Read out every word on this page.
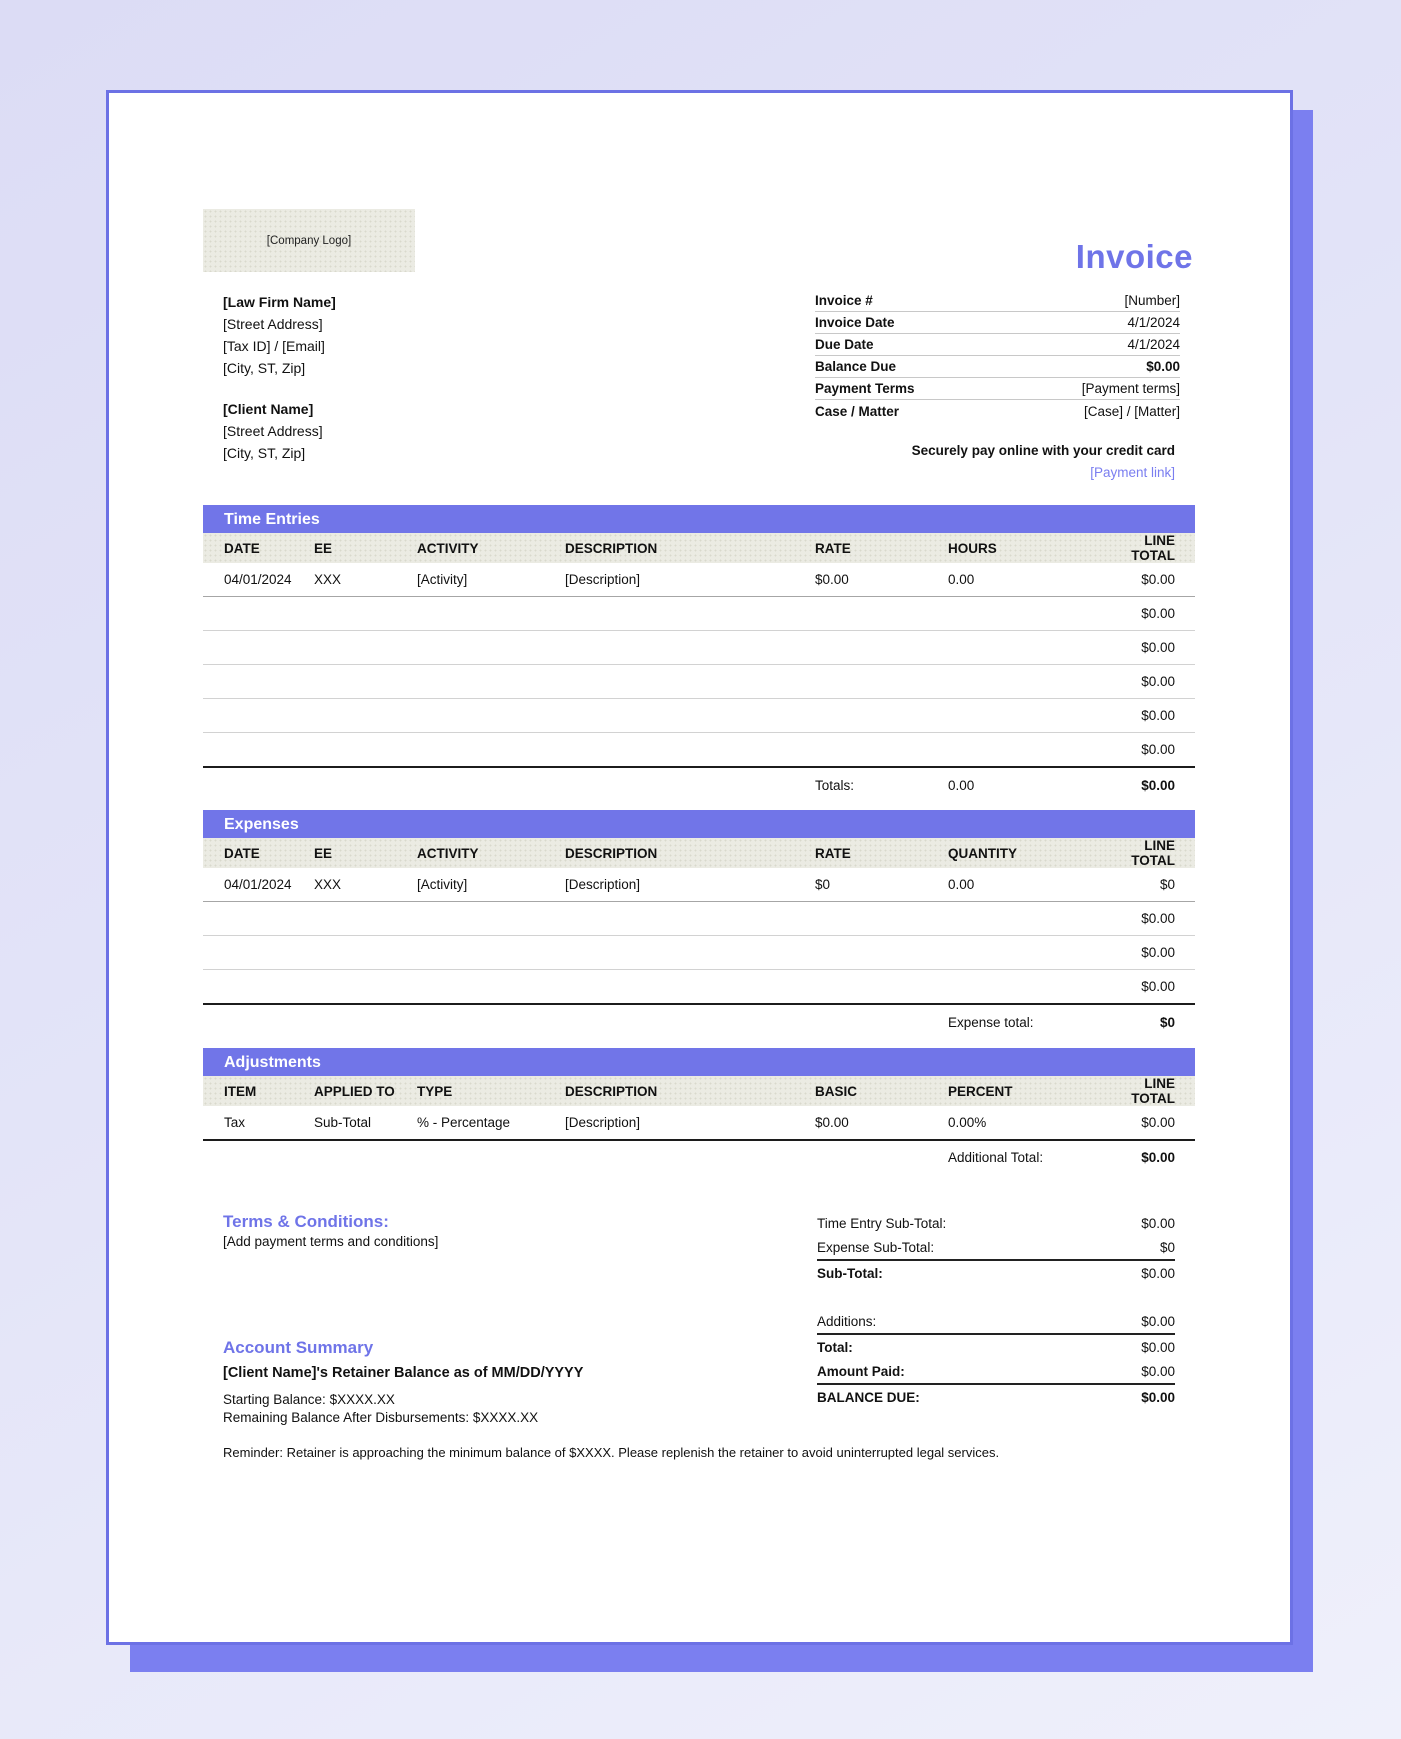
[Company Logo]	Invoice
[Law Firm Name]
[Street Address]
[Tax ID] / [Email]
[City, ST, Zip]
[Client Name]
[Street Address]
[City, ST, Zip]
Invoice #	[Number]
Invoice Date	4/1/2024
Due Date	4/1/2024
Balance Due	$0.00
Payment Terms	[Payment terms]
Case / Matter	[Case] / [Matter]
Securely pay online with your credit card
[Payment link]
Time Entries
DATE	EE	ACTIVITY	DESCRIPTION	RATE	HOURS	LINE TOTAL
04/01/2024	XXX	[Activity]	[Description]	$0.00	0.00	$0.00
						$0.00
						$0.00
						$0.00
						$0.00
						$0.00
				Totals:	0.00	$0.00
Expenses
DATE	EE	ACTIVITY	DESCRIPTION	RATE	QUANTITY	LINE TOTAL
04/01/2024	XXX	[Activity]	[Description]	$0	0.00	$0
						$0.00
						$0.00
						$0.00
					Expense total:	$0
Adjustments
ITEM	APPLIED TO	TYPE	DESCRIPTION	BASIC	PERCENT	LINE TOTAL
Tax	Sub-Total	% - Percentage	[Description]	$0.00	0.00%	$0.00
					Additional Total:	$0.00
Terms & Conditions:
[Add payment terms and conditions]
Time Entry Sub-Total:	$0.00
Expense Sub-Total:	$0
Sub-Total:	$0.00
Additions:	$0.00
Total:	$0.00
Amount Paid:	$0.00
BALANCE DUE:	$0.00
Account Summary
[Client Name]'s Retainer Balance as of MM/DD/YYYY
Starting Balance: $XXXX.XX
Remaining Balance After Disbursements: $XXXX.XX
Reminder: Retainer is approaching the minimum balance of $XXXX. Please replenish the retainer to avoid uninterrupted legal services.
